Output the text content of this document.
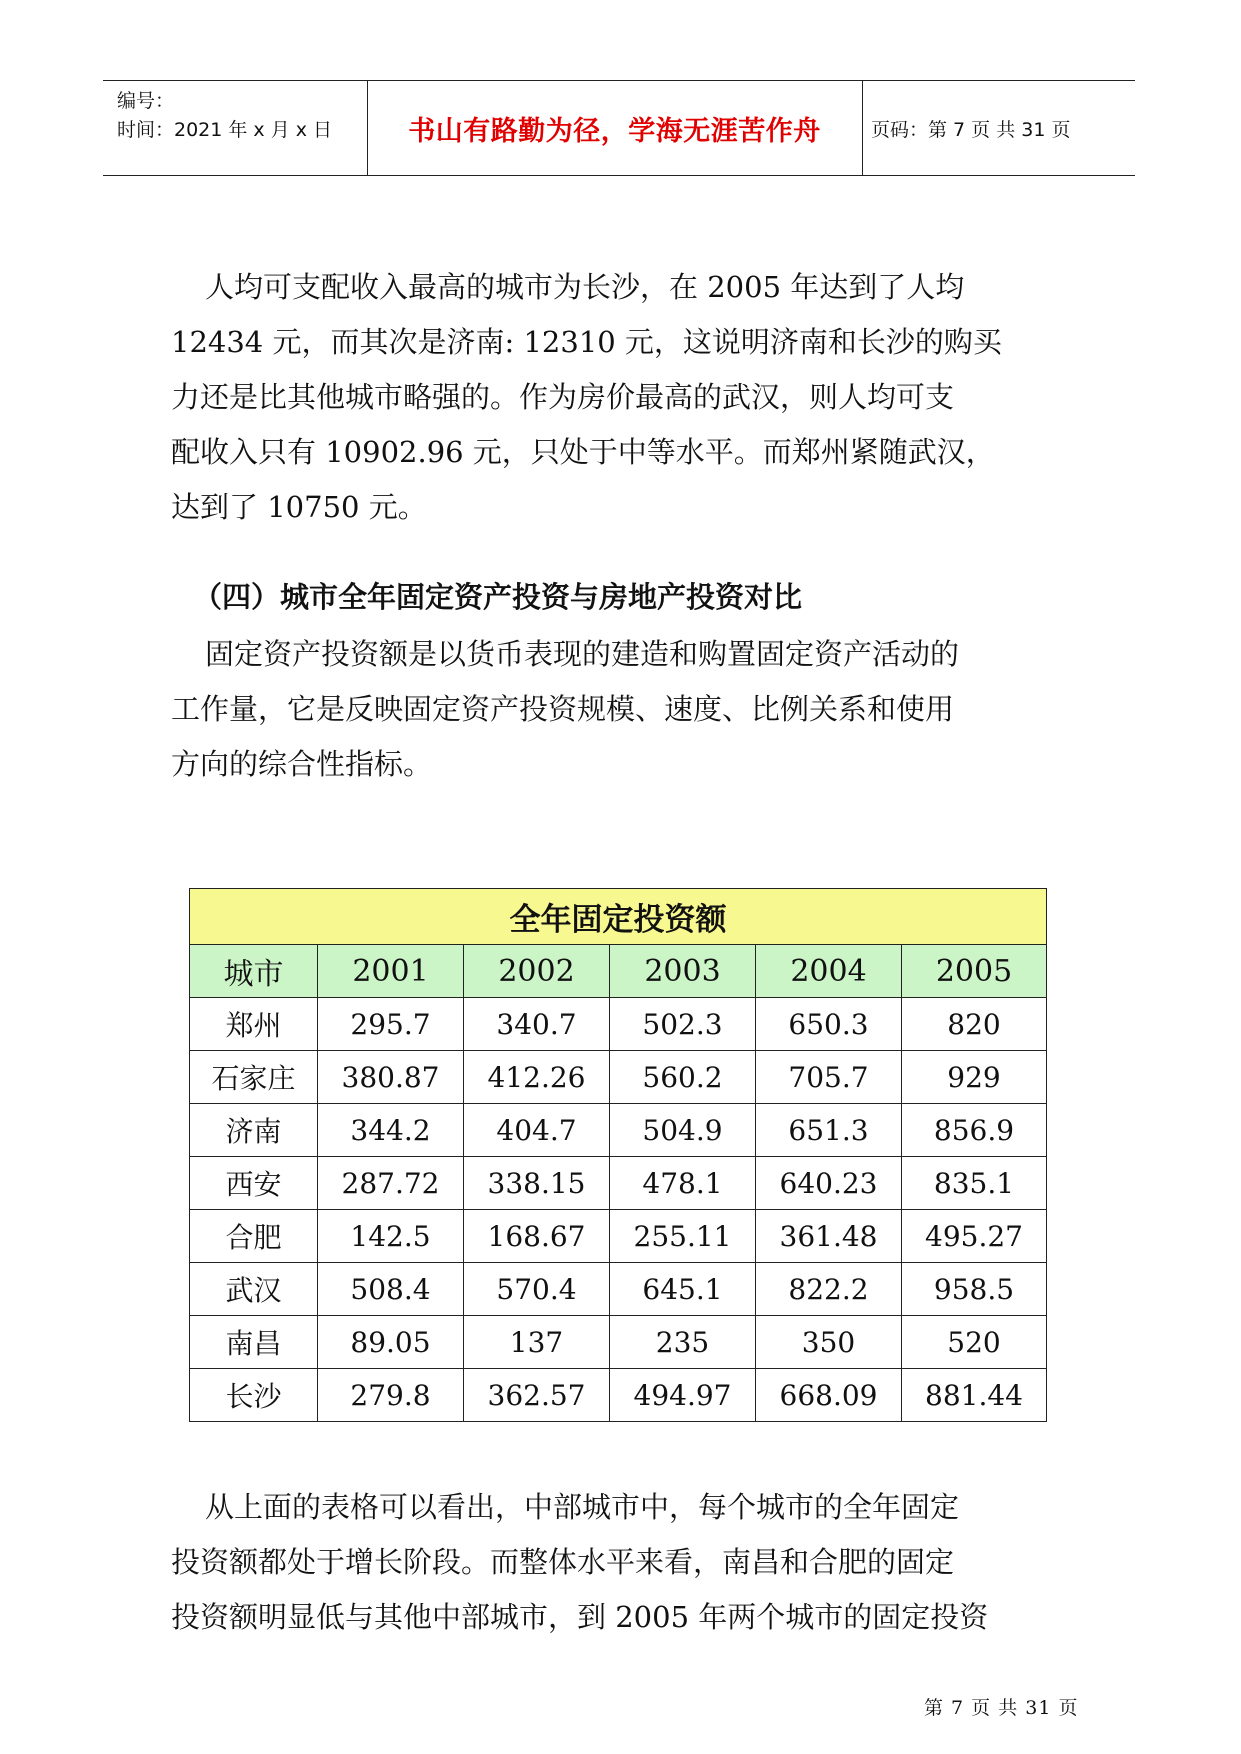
编号：
时间：2021 年 x 月 x 日	书山有路勤为径，学海无涯苦作舟	页码：第 7 页 共 31 页
人均可支配收入最高的城市为长沙，在 2005 年达到了人均
12434 元，而其次是济南: 12310 元，这说明济南和长沙的购买
力还是比其他城市略强的。作为房价最高的武汉，则人均可支
配收入只有 10902.96 元，只处于中等水平。而郑州紧随武汉，
达到了 10750 元。
（四）城市全年固定资产投资与房地产投资对比
固定资产投资额是以货币表现的建造和购置固定资产活动的
工作量，它是反映固定资产投资规模、速度、比例关系和使用
方向的综合性指标。
全年固定投资额					
城市	2001	2002	2003	2004	2005
郑州	295.7	340.7	502.3	650.3	820
石家庄	380.87	412.26	560.2	705.7	929
济南	344.2	404.7	504.9	651.3	856.9
西安	287.72	338.15	478.1	640.23	835.1
合肥	142.5	168.67	255.11	361.48	495.27
武汉	508.4	570.4	645.1	822.2	958.5
南昌	89.05	137	235	350	520
长沙	279.8	362.57	494.97	668.09	881.44
从上面的表格可以看出，中部城市中，每个城市的全年固定
投资额都处于增长阶段。而整体水平来看，南昌和合肥的固定
投资额明显低与其他中部城市，到 2005 年两个城市的固定投资
第 7 页 共 31 页
